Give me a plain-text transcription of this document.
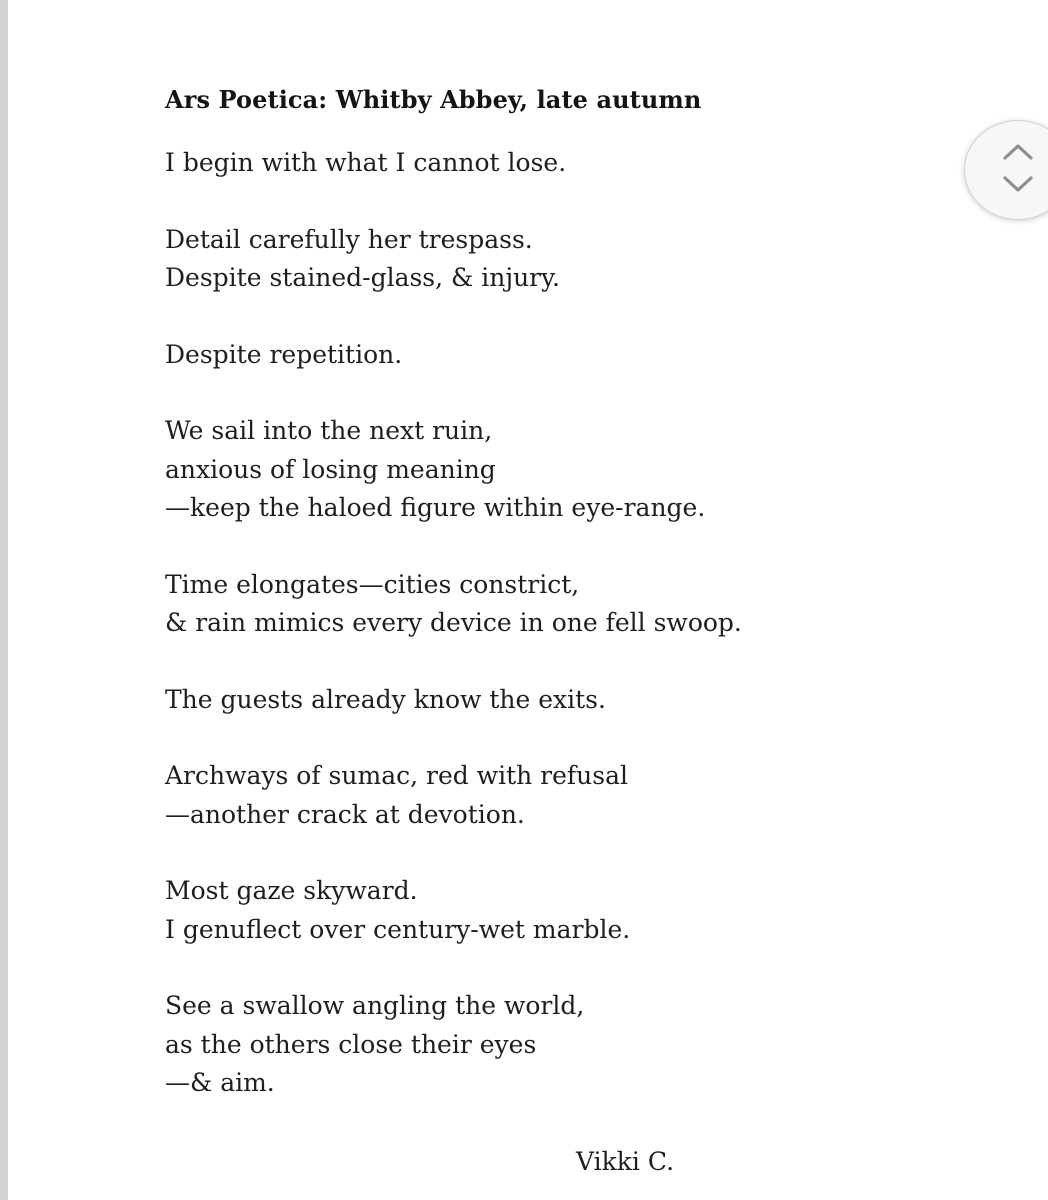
Ars Poetica: Whitby Abbey, late autumn
I begin with what I cannot lose.
Detail carefully her trespass.
Despite stained-glass, & injury.
Despite repetition.
We sail into the next ruin,
anxious of losing meaning
—keep the haloed figure within eye-range.
Time elongates—cities constrict,
& rain mimics every device in one fell swoop.
The guests already know the exits.
Archways of sumac, red with refusal
—another crack at devotion.
Most gaze skyward.
I genuflect over century-wet marble.
See a swallow angling the world,
as the others close their eyes
—& aim.
Vikki C.
